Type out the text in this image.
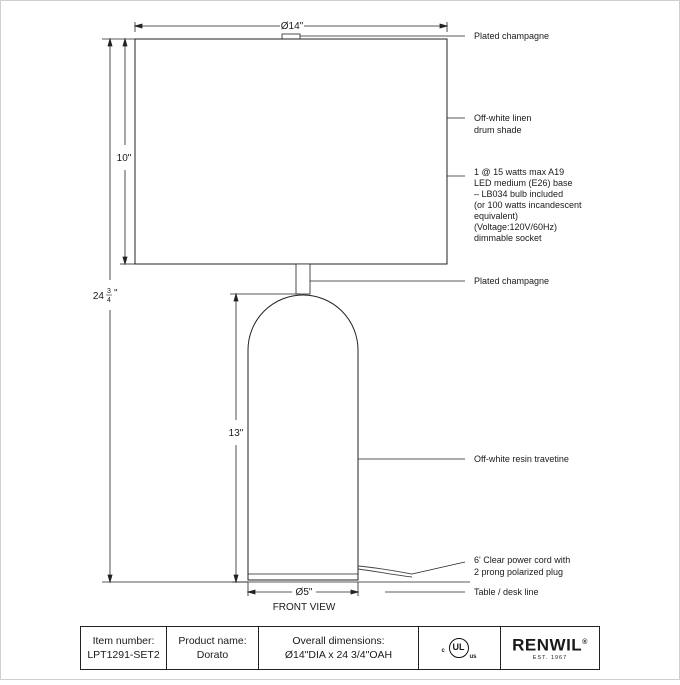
Ø14"
10"
24 3
4
"
13"
Ø5"
FRONT VIEW
Plated champagne
Off-white linen
drum shade
1 @ 15 watts max A19
LED medium (E26) base
– LB034 bulb included
(or 100 watts incandescent
equivalent)
(Voltage:120V/60Hz)
dimmable socket
Plated champagne
Off-white resin travetine
6' Clear power cord with
2 prong polarized plug
Table / desk line
Item number:
LPT1291-SET2
Product name:
Dorato
Overall dimensions:
Ø14"DIA x 24 3/4"OAH	c UL
us
RENWIL®
EST. 1967
